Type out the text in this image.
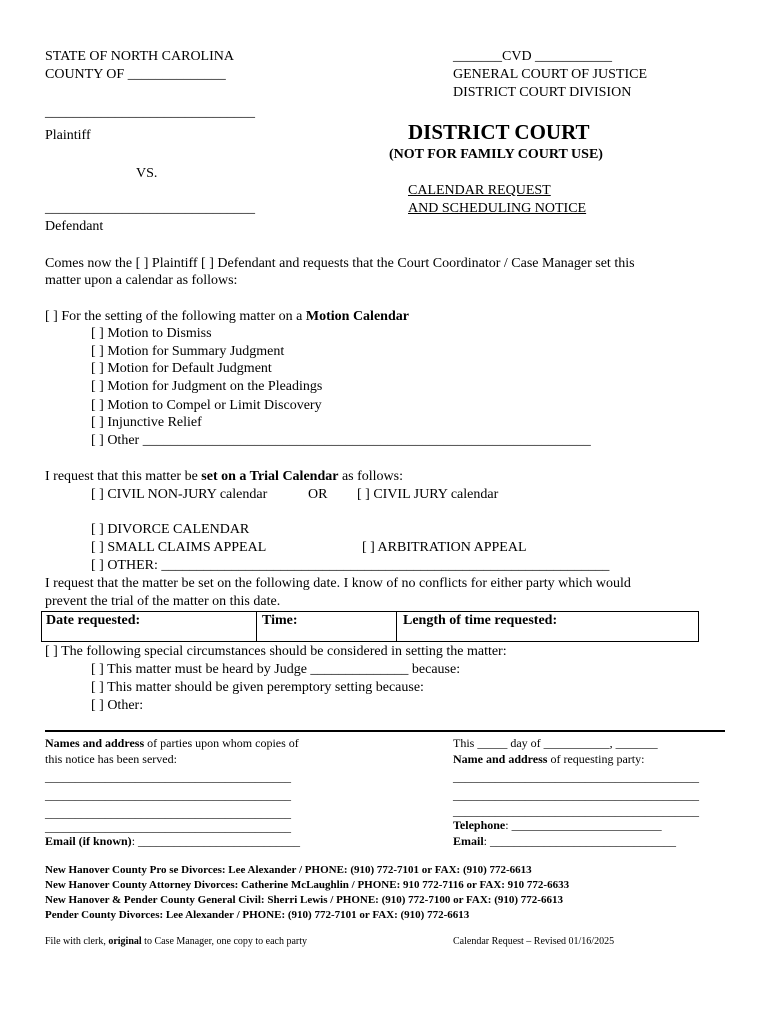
STATE OF NORTH CAROLINA
COUNTY OF ______________
_______CVD ___________
GENERAL COURT OF JUSTICE
DISTRICT COURT DIVISION
______________________________
Plaintiff
VS.
______________________________
Defendant
DISTRICT COURT
(NOT FOR FAMILY COURT USE)
CALENDAR REQUEST
AND SCHEDULING NOTICE
Comes now the [ ] Plaintiff [ ] Defendant and requests that the Court Coordinator / Case Manager set this
matter upon a calendar as follows:
[ ] For the setting of the following matter on a Motion Calendar
[ ] Motion to Dismiss
[ ] Motion for Summary Judgment
[ ] Motion for Default Judgment
[ ] Motion for Judgment on the Pleadings
[ ] Motion to Compel or Limit Discovery
[ ] Injunctive Relief
[ ] Other ________________________________________________________________
I request that this matter be set on a Trial Calendar as follows:
[ ] CIVIL NON-JURY calendar	OR [ ] CIVIL JURY calendar
[ ] DIVORCE CALENDAR
[ ] SMALL CLAIMS APPEAL	[ ] ARBITRATION APPEAL
[ ] OTHER: ________________________________________________________________
I request that the matter be set on the following date. I know of no conflicts for either party which would
prevent the trial of the matter on this date.
Date requested:	Time:	Length of time requested:
[ ] The following special circumstances should be considered in setting the matter:
[ ] This matter must be heard by Judge ______________ because:
[ ] This matter should be given peremptory setting because:
[ ] Other:
Names and address of parties upon whom copies of
this notice has been served:
_________________________________________
_________________________________________
_________________________________________
_________________________________________
Email (if known): ___________________________
This _____ day of ___________, _______
Name and address of requesting party:
_________________________________________
_________________________________________
_________________________________________
Telephone: _________________________
Email: _______________________________
New Hanover County Pro se Divorces: Lee Alexander / PHONE: (910) 772-7101 or FAX: (910) 772-6613
New Hanover County Attorney Divorces: Catherine McLaughlin / PHONE: 910 772-7116 or FAX: 910 772-6633
New Hanover & Pender County General Civil: Sherri Lewis / PHONE: (910) 772-7100 or FAX: (910) 772-6613
Pender County Divorces: Lee Alexander / PHONE: (910) 772-7101 or FAX: (910) 772-6613
File with clerk, original to Case Manager, one copy to each party	Calendar Request – Revised 01/16/2025
